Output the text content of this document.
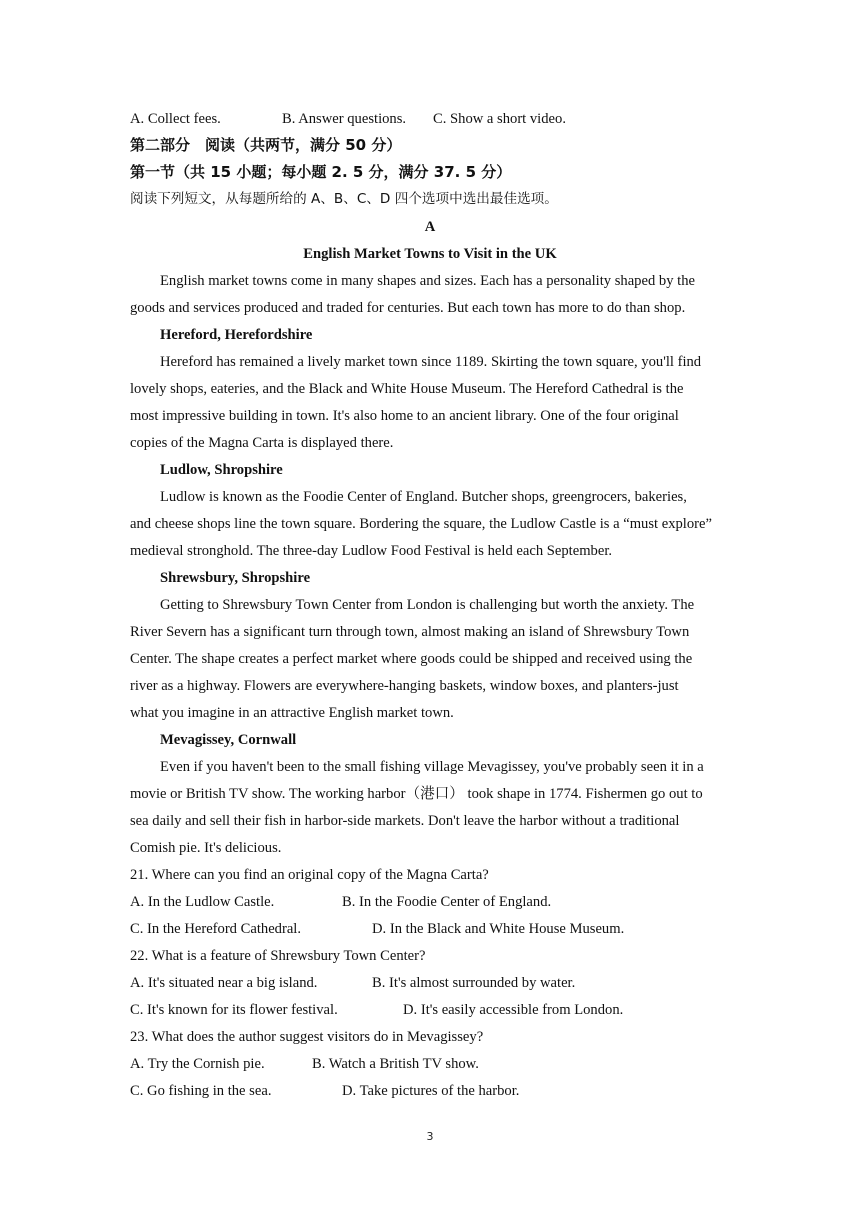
A. Collect fees.	B. Answer questions. C. Show a short video.
第二部分　阅读（共两节，满分 50 分）
第一节（共 15 小题；每小题 2. 5 分，满分 37. 5 分）
阅读下列短文，从每题所给的 A、B、C、D 四个选项中选出最佳选项。
A
English Market Towns to Visit in the UK
English market towns come in many shapes and sizes. Each has a personality shaped by the
goods and services produced and traded for centuries. But each town has more to do than shop.
Hereford, Herefordshire
Hereford has remained a lively market town since 1189. Skirting the town square, you'll find
lovely shops, eateries, and the Black and White House Museum. The Hereford Cathedral is the
most impressive building in town. It's also home to an ancient library. One of the four original
copies of the Magna Carta is displayed there.
Ludlow, Shropshire
Ludlow is known as the Foodie Center of England. Butcher shops, greengrocers, bakeries,
and cheese shops line the town square. Bordering the square, the Ludlow Castle is a “must explore”
medieval stronghold. The three-day Ludlow Food Festival is held each September.
Shrewsbury, Shropshire
Getting to Shrewsbury Town Center from London is challenging but worth the anxiety. The
River Severn has a significant turn through town, almost making an island of Shrewsbury Town
Center. The shape creates a perfect market where goods could be shipped and received using the
river as a highway. Flowers are everywhere-hanging baskets, window boxes, and planters-just
what you imagine in an attractive English market town.
Mevagissey, Cornwall
Even if you haven't been to the small fishing village Mevagissey, you've probably seen it in a
movie or British TV show. The working harbor（港口） took shape in 1774. Fishermen go out to
sea daily and sell their fish in harbor-side markets. Don't leave the harbor without a traditional
Comish pie. It's delicious.
21. Where can you find an original copy of the Magna Carta?
A. In the Ludlow Castle.	B. In the Foodie Center of England.
C. In the Hereford Cathedral.	D. In the Black and White House Museum.
22. What is a feature of Shrewsbury Town Center?
A. It's situated near a big island.	B. It's almost surrounded by water.
C. It's known for its flower festival.	D. It's easily accessible from London.
23. What does the author suggest visitors do in Mevagissey?
A. Try the Cornish pie.	B. Watch a British TV show.
C. Go fishing in the sea.	D. Take pictures of the harbor.
3
